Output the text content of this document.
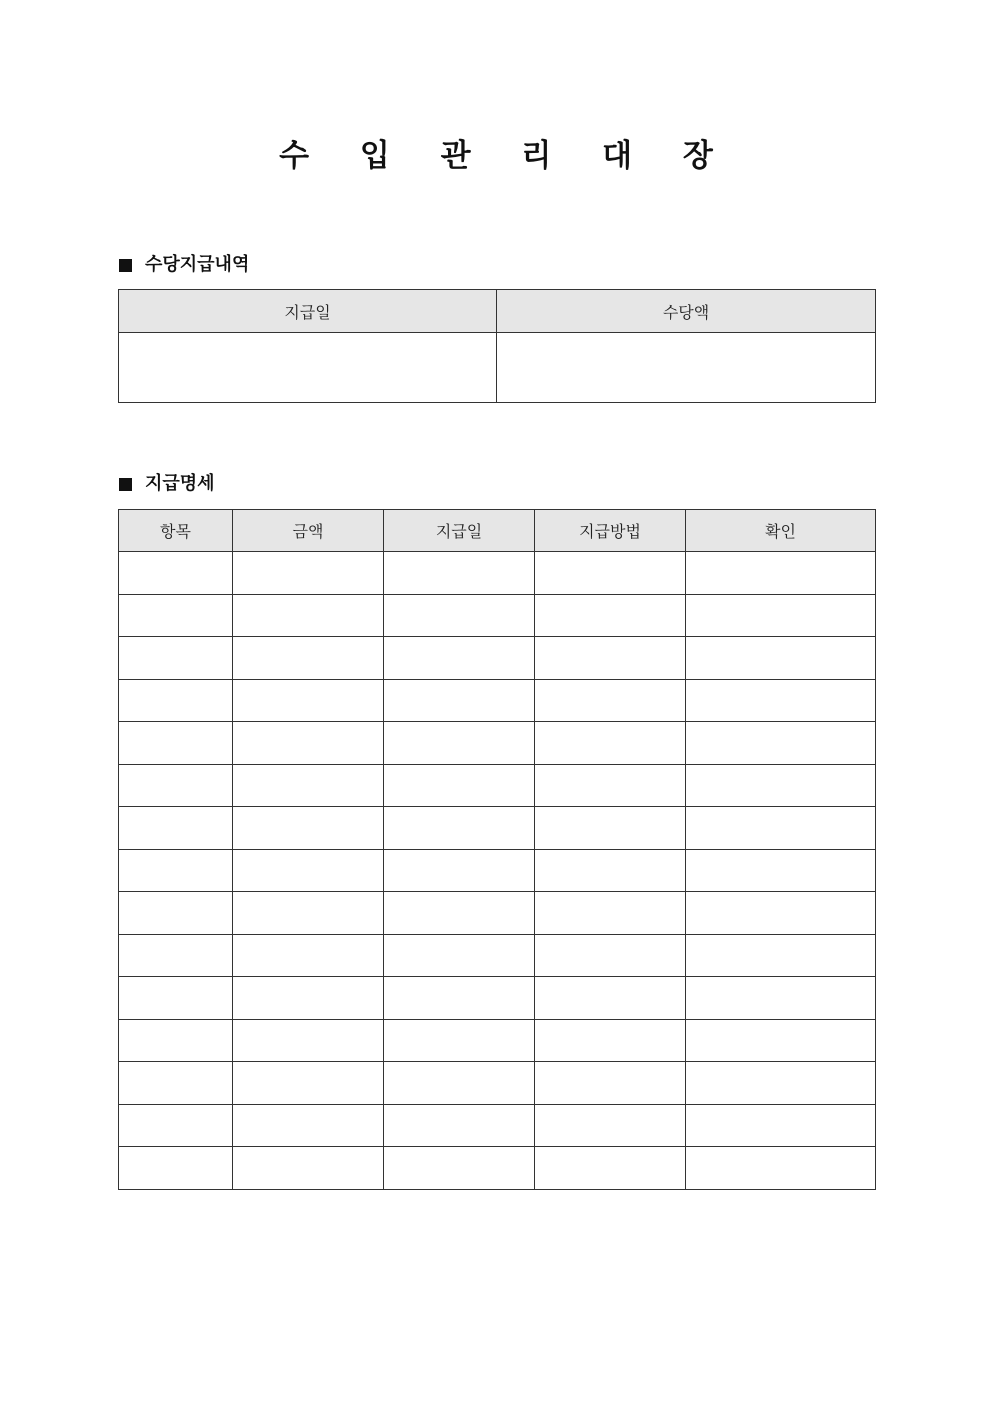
수 입 관 리 대 장
수당지급내역
지급일	수당액

지급명세
항목	금액	지급일	지급방법	확인
